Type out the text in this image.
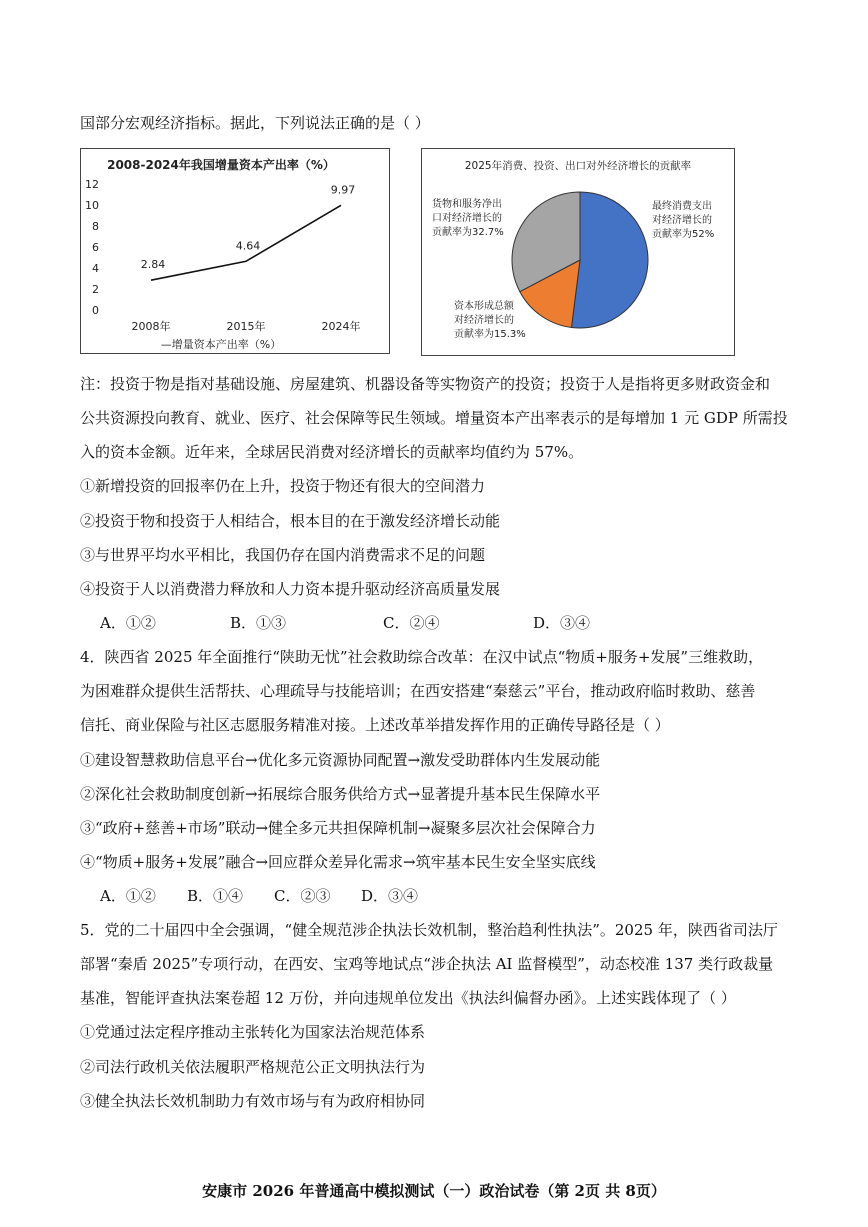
国部分宏观经济指标。据此，下列说法正确的是（ ）
2008-2024年我国增量资本产出率（%）
0
2
4
6
8
10
12
2.84
4.64
9.97
2008年	2015年	2024年
—增量资本产出率（%）
2025年消费、投资、出口对外经济增长的贡献率
最终消费支出
对经济增长的
贡献率为52%
资本形成总额
对经济增长的
贡献率为15.3%
货物和服务净出
口对经济增长的
贡献率为32.7%
注：投资于物是指对基础设施、房屋建筑、机器设备等实物资产的投资；投资于人是指将更多财政资金和
公共资源投向教育、就业、医疗、社会保障等民生领域。增量资本产出率表示的是每增加 1 元 GDP 所需投
入的资本金额。近年来，全球居民消费对经济增长的贡献率均值约为 57%。
①新增投资的回报率仍在上升，投资于物还有很大的空间潜力
②投资于物和投资于人相结合，根本目的在于激发经济增长动能
③与世界平均水平相比，我国仍存在国内消费需求不足的问题
④投资于人以消费潜力释放和人力资本提升驱动经济高质量发展
A．①②	B．①③	C．②④	D．③④
4．陕西省 2025 年全面推行“陕助无忧”社会救助综合改革：在汉中试点“物质+服务+发展”三维救助，
为困难群众提供生活帮扶、心理疏导与技能培训；在西安搭建“秦慈云”平台，推动政府临时救助、慈善
信托、商业保险与社区志愿服务精准对接。上述改革举措发挥作用的正确传导路径是（ ）
①建设智慧救助信息平台→优化多元资源协同配置→激发受助群体内生发展动能
②深化社会救助制度创新→拓展综合服务供给方式→显著提升基本民生保障水平
③“政府+慈善+市场”联动→健全多元共担保障机制→凝聚多层次社会保障合力
④“物质+服务+发展”融合→回应群众差异化需求→筑牢基本民生安全坚实底线
A．①② B．①④ C．②③ D．③④
5．党的二十届四中全会强调，“健全规范涉企执法长效机制，整治趋利性执法”。2025 年，陕西省司法厅
部署“秦盾 2025”专项行动，在西安、宝鸡等地试点“涉企执法 AI 监督模型”，动态校准 137 类行政裁量
基准，智能评查执法案卷超 12 万份，并向违规单位发出《执法纠偏督办函》。上述实践体现了（ ）
①党通过法定程序推动主张转化为国家法治规范体系
②司法行政机关依法履职严格规范公正文明执法行为
③健全执法长效机制助力有效市场与有为政府相协同
安康市 2026 年普通高中模拟测试（一）政治试卷（第 2页 共 8页）
